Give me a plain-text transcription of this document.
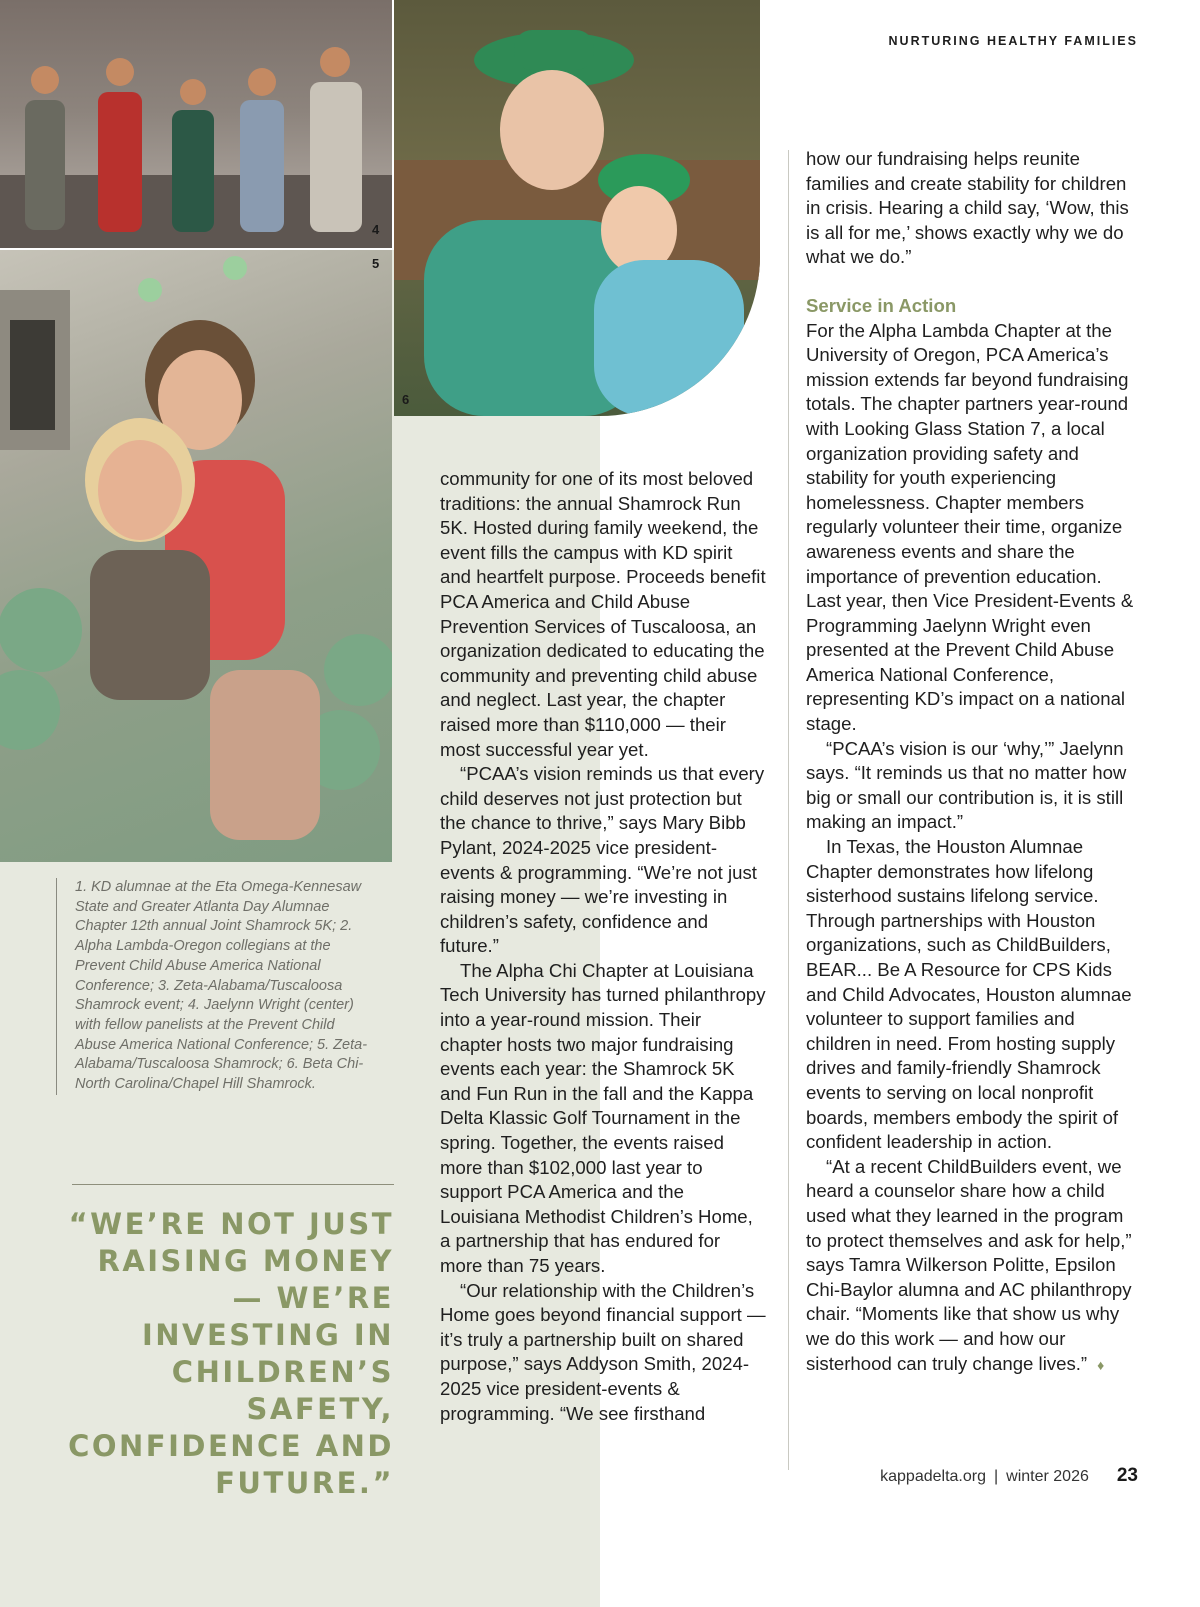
4
5
6
NURTURING HEALTHY FAMILIES
1. KD alumnae at the Eta Omega-Kennesaw State and Greater Atlanta Day Alumnae Chapter 12th annual Joint Shamrock 5K; 2. Alpha Lambda-Oregon collegians at the Prevent Child Abuse America National Conference; 3. Zeta-Alabama/Tuscaloosa Shamrock event; 4. Jaelynn Wright (center) with fellow panelists at the Prevent Child Abuse America National Conference; 5. Zeta-Alabama/Tuscaloosa Shamrock; 6. Beta Chi-North Carolina/Chapel Hill Shamrock.
“WE’RE NOT JUST RAISING MONEY — WE’RE INVESTING IN CHILDREN’S SAFETY, CONFIDENCE AND FUTURE.”

community for one of its most beloved traditions: the annual Shamrock Run 5K. Hosted during family weekend, the event fills the campus with KD spirit and heartfelt purpose. Proceeds benefit PCA America and Child Abuse Prevention Services of Tuscaloosa, an organization dedicated to educating the community and preventing child abuse and neglect. Last year, the chapter raised more than $110,000 — their most successful year yet.

“PCAA’s vision reminds us that every child deserves not just protection but the chance to thrive,” says Mary Bibb Pylant, 2024-2025 vice president-events & programming. “We’re not just raising money — we’re investing in children’s safety, confidence and future.”

The Alpha Chi Chapter at Louisiana Tech University has turned philanthropy into a year-round mission. Their chapter hosts two major fundraising events each year: the Shamrock 5K and Fun Run in the fall and the Kappa Delta Klassic Golf Tournament in the spring. Together, the events raised more than $102,000 last year to support PCA America and the Louisiana Methodist Children’s Home, a partnership that has endured for more than 75 years.

“Our relationship with the Children’s Home goes beyond financial support — it’s truly a partnership built on shared purpose,” says Addyson Smith, 2024-2025 vice president-events & programming. “We see firsthand

how our fundraising helps reunite families and create stability for children in crisis. Hearing a child say, ‘Wow, this is all for me,’ shows exactly why we do what we do.”

Service in Action

For the Alpha Lambda Chapter at the University of Oregon, PCA America’s mission extends far beyond fundraising totals. The chapter partners year-round with Looking Glass Station 7, a local organization providing safety and stability for youth experiencing homelessness. Chapter members regularly volunteer their time, organize awareness events and share the importance of prevention education. Last year, then Vice President-Events & Programming Jaelynn Wright even presented at the Prevent Child Abuse America National Conference, representing KD’s impact on a national stage.

“PCAA’s vision is our ‘why,’” Jaelynn says. “It reminds us that no matter how big or small our contribution is, it is still making an impact.”

In Texas, the Houston Alumnae Chapter demonstrates how lifelong sisterhood sustains lifelong service. Through partnerships with Houston organizations, such as ChildBuilders, BEAR... Be A Resource for CPS Kids and Child Advocates, Houston alumnae volunteer to support families and children in need. From hosting supply drives and family-friendly Shamrock events to serving on local nonprofit boards, members embody the spirit of confident leadership in action.

“At a recent ChildBuilders event, we heard a counselor share how a child used what they learned in the program to protect themselves and ask for help,” says Tamra Wilkerson Politte, Epsilon Chi-Baylor alumna and AC philanthropy chair. “Moments like that show us why we do this work — and how our sisterhood can truly change lives.” ♦

kappadelta.org | winter 2026 23
